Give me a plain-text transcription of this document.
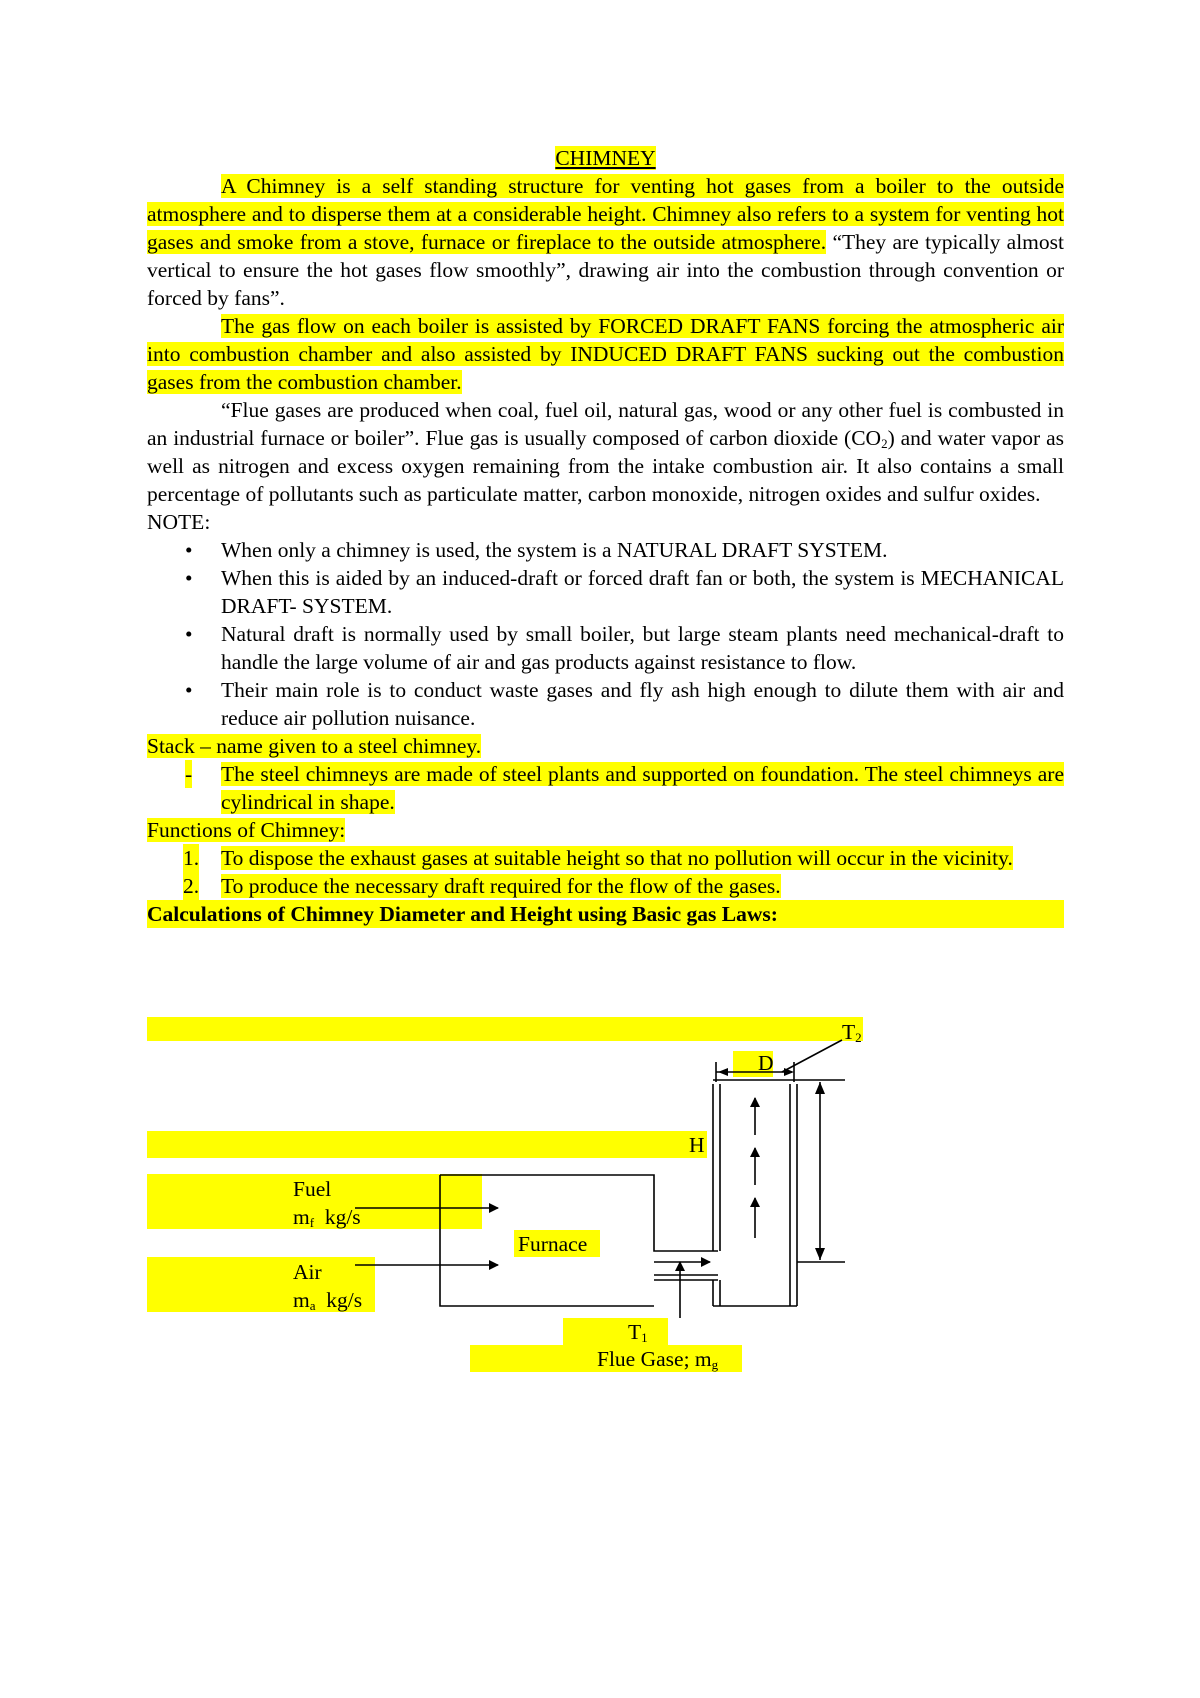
CHIMNEY

A Chimney is a self standing structure for venting hot gases from a boiler to the outside atmosphere and to disperse them at a considerable height. Chimney also refers to a system for venting hot gases and smoke from a stove, furnace or fireplace to the outside atmosphere. “They are typically almost vertical to ensure the hot gases flow smoothly”, drawing air into the combustion through convention or forced by fans”.

The gas flow on each boiler is assisted by FORCED DRAFT FANS forcing the atmospheric air into combustion chamber and also assisted by INDUCED DRAFT FANS sucking out the combustion gases from the combustion chamber.

“Flue gases are produced when coal, fuel oil, natural gas, wood or any other fuel is combusted in an industrial furnace or boiler”. Flue gas is usually composed of carbon dioxide $(CO_2)$ and water vapor as well as nitrogen and excess oxygen remaining from the intake combustion air. It also contains a small percentage of pollutants such as particulate matter, carbon monoxide, nitrogen oxides and sulfur oxides.

NOTE:
• When only a chimney is used, the system is a NATURAL DRAFT SYSTEM.
• When this is aided by an induced-draft or forced draft fan or both, the system is MECHANICAL DRAFT- SYSTEM.
• Natural draft is normally used by small boiler, but large steam plants need mechanical-draft to handle the large volume of air and gas products against resistance to flow.
• Their main role is to conduct waste gases and fly ash high enough to dilute them with air and reduce air pollution nuisance.
Stack – name given to a steel chimney.
- The steel chimneys are made of steel plants and supported on foundation. The steel chimneys are cylindrical in shape.
Functions of Chimney:
1. To dispose the exhaust gases at suitable height so that no pollution will occur in the vicinity.
2. To produce the necessary draft required for the flow of the gases.
Calculations of Chimney Diameter and Height using Basic gas Laws:
$T_2$
D
H
Fuel
$m_f$  kg/s
Furnace
Air
$m_a$  kg/s
$T_1$
Flue Gase; $m_g$
